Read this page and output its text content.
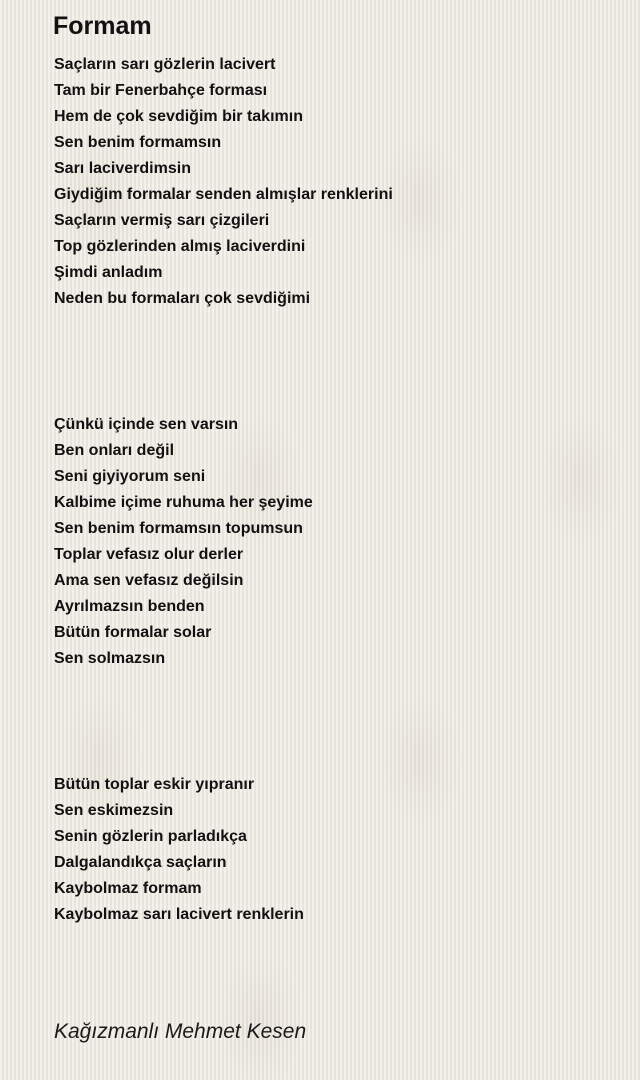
Formam
Saçların sarı gözlerin lacivert
Tam bir Fenerbahçe forması
Hem de çok sevdiğim bir takımın
Sen benim formamsın
Sarı laciverdimsin
Giydiğim formalar senden almışlar renklerini
Saçların vermiş sarı çizgileri
Top gözlerinden almış laciverdini
Şimdi anladım
Neden bu formaları çok sevdiğimi
Çünkü içinde sen varsın
Ben onları değil
Seni giyiyorum seni
Kalbime içime ruhuma her şeyime
Sen benim formamsın topumsun
Toplar vefasız olur derler
Ama sen vefasız değilsin
Ayrılmazsın benden
Bütün formalar solar
Sen solmazsın
Bütün toplar eskir yıpranır
Sen eskimezsin
Senin gözlerin parladıkça
Dalgalandıkça saçların
Kaybolmaz formam
Kaybolmaz sarı lacivert renklerin

Kağızmanlı Mehmet Kesen
